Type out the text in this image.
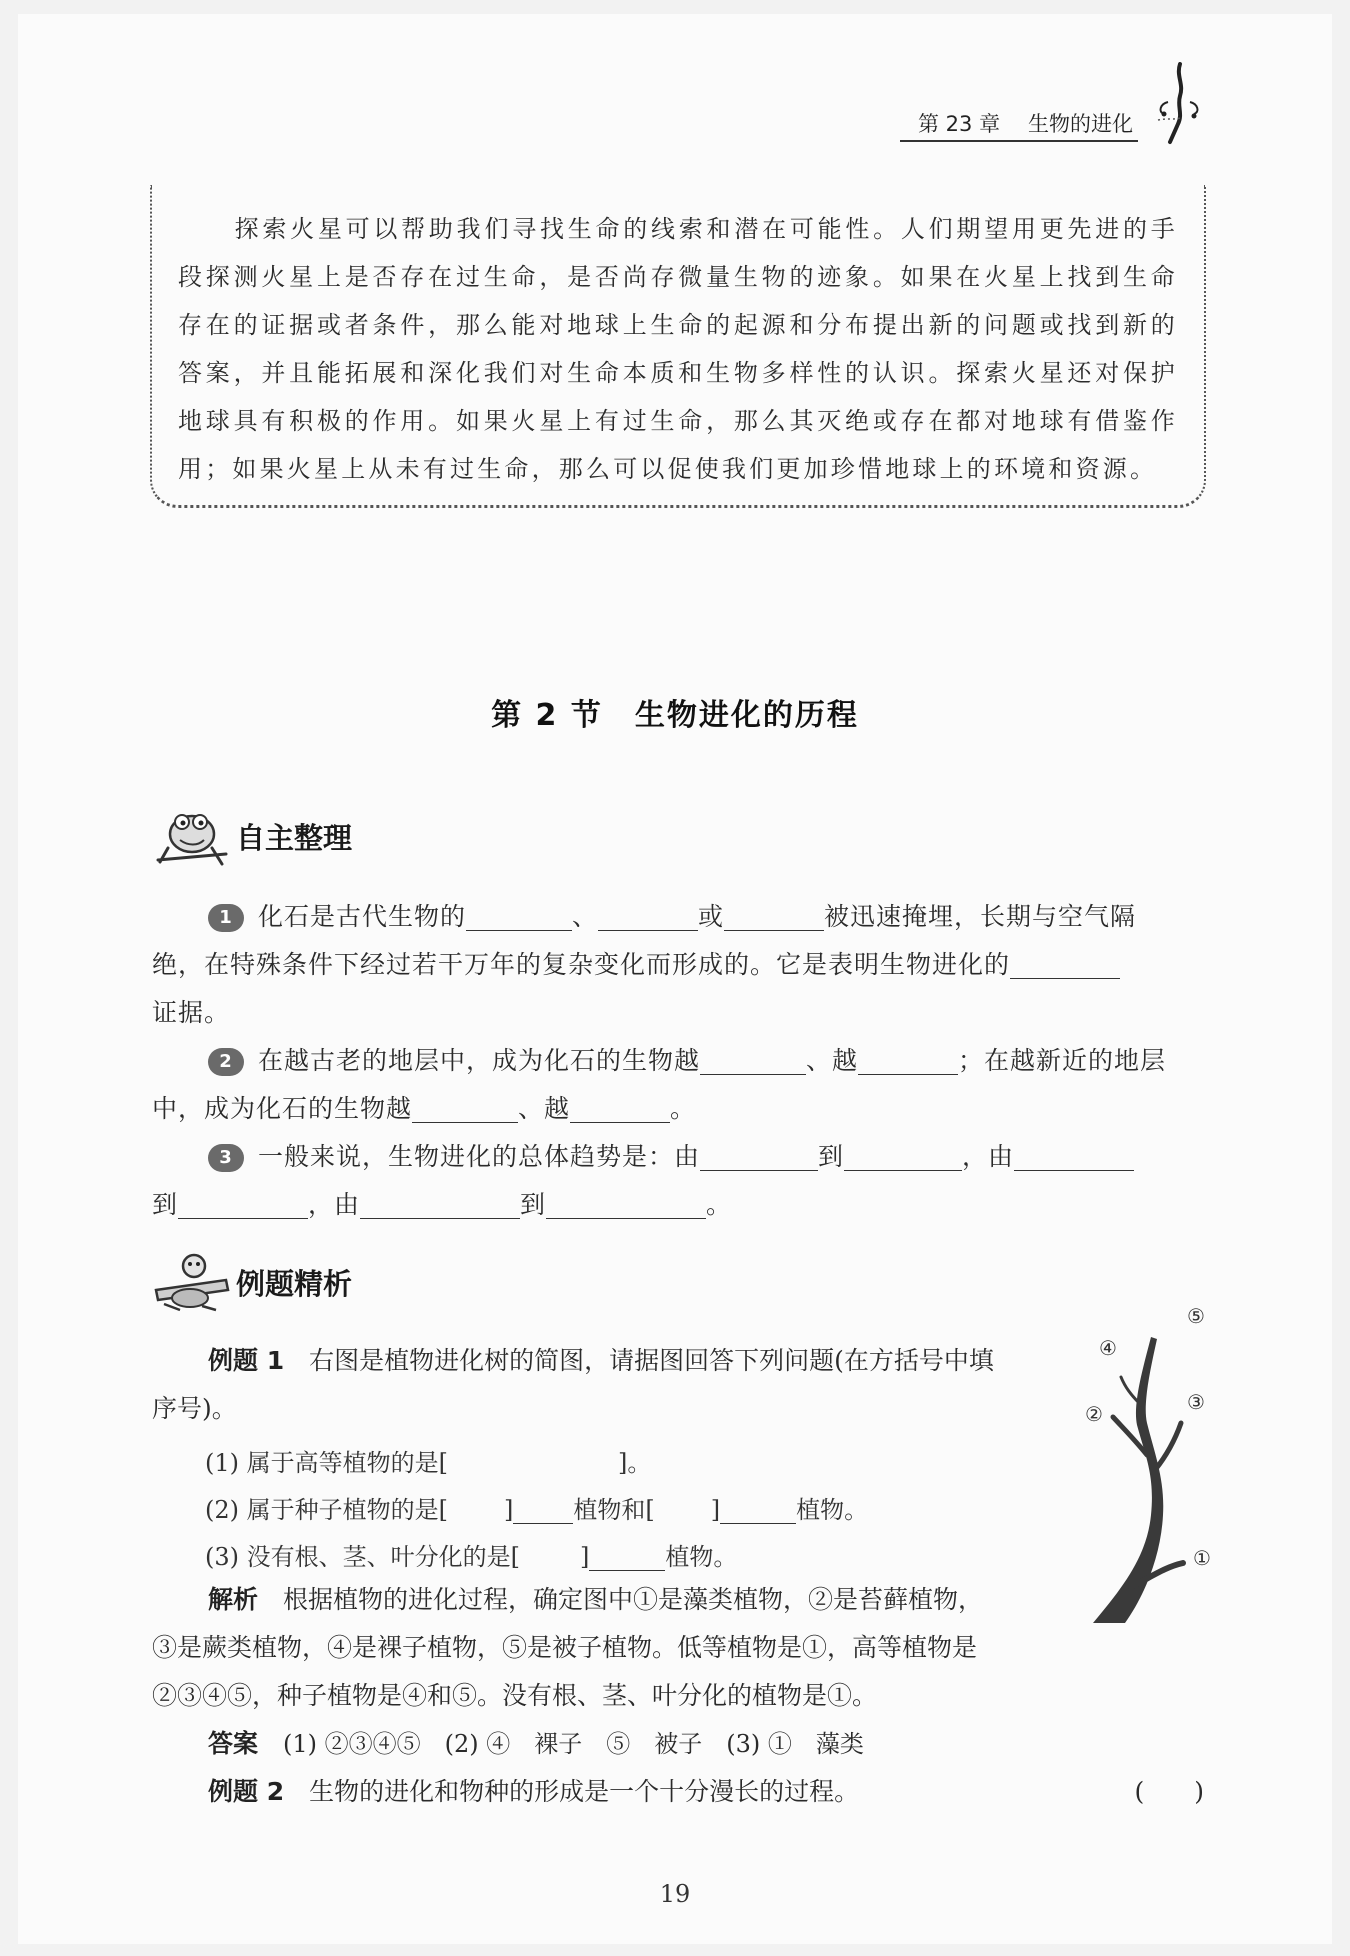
第 23 章 生物的进化
探索火星可以帮助我们寻找生命的线索和潜在可能性。人们期望用更先进的手段探测火星上是否存在过生命，是否尚存微量生物的迹象。如果在火星上找到生命存在的证据或者条件，那么能对地球上生命的起源和分布提出新的问题或找到新的答案，并且能拓展和深化我们对生命本质和生物多样性的认识。探索火星还对保护地球具有积极的作用。如果火星上有过生命，那么其灭绝或存在都对地球有借鉴作用；如果火星上从未有过生命，那么可以促使我们更加珍惜地球上的环境和资源。
第 2 节 生物进化的历程
自主整理
1 化石是古代生物的	、	或	被迅速掩埋，长期与空气隔
绝，在特殊条件下经过若干万年的复杂变化而形成的。它是表明生物进化的
证据。
2 在越古老的地层中，成为化石的生物越	、越	；在越新近的地层
中，成为化石的生物越	、越	。
3 一般来说，生物进化的总体趋势是：由	到	，由
到	，由	到	。
例题精析
例题 1　 右图是植物进化树的简图，请据图回答下列问题(在方括号中填
序号)。
(1) 属于高等植物的是[	]。
(2) 属于种子植物的是[ ]	植物和[ ]	植物。
(3) 没有根、茎、叶分化的是[	]	植物。
解析　 根据植物的进化过程，确定图中①是藻类植物，②是苔藓植物，
③是蕨类植物，④是裸子植物，⑤是被子植物。低等植物是①，高等植物是
②③④⑤，种子植物是④和⑤。没有根、茎、叶分化的植物是①。
答案　 (1) ②③④⑤　(2) ④　裸子　⑤　被子　(3) ①　藻类
例题 2　 生物的进化和物种的形成是一个十分漫长的过程。	(　　)
①
②	③
④
⑤
19
